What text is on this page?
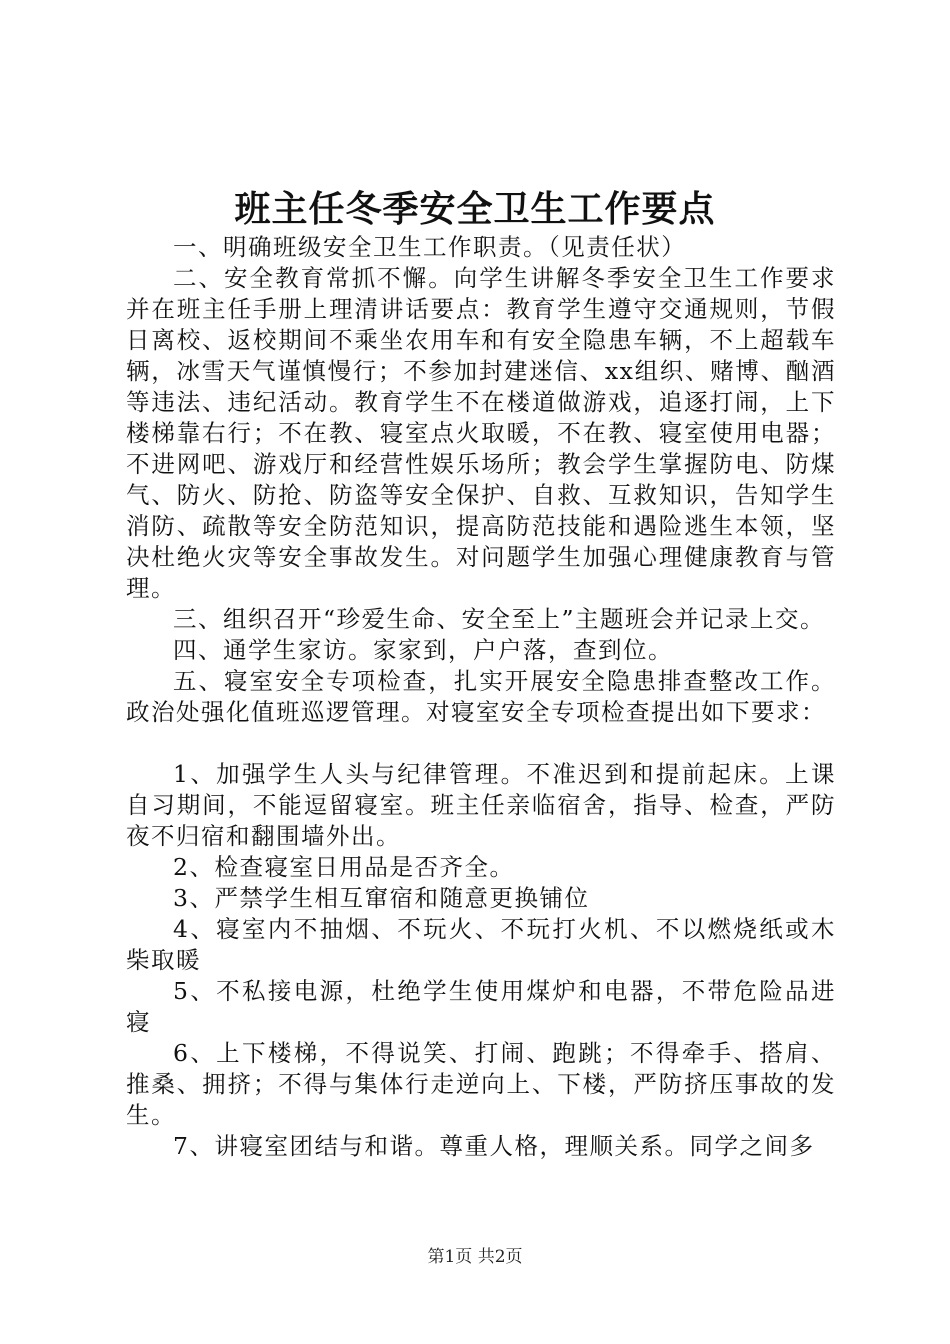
班主任冬季安全卫生工作要点

一、明确班级安全卫生工作职责。（见责任状）

二、安全教育常抓不懈。向学生讲解冬季安全卫生工作要求并在班主任手册上理清讲话要点：教育学生遵守交通规则，节假日离校、返校期间不乘坐农用车和有安全隐患车辆，不上超载车辆，冰雪天气谨慎慢行；不参加封建迷信、xx组织、赌博、酗酒等违法、违纪活动。教育学生不在楼道做游戏，追逐打闹，上下楼梯靠右行；不在教、寝室点火取暖，不在教、寝室使用电器；不进网吧、游戏厅和经营性娱乐场所；教会学生掌握防电、防煤气、防火、防抢、防盗等安全保护、自救、互救知识，告知学生消防、疏散等安全防范知识，提高防范技能和遇险逃生本领，坚决杜绝火灾等安全事故发生。对问题学生加强心理健康教育与管理。

三、组织召开“珍爱生命、安全至上”主题班会并记录上交。

四、通学生家访。家家到，户户落，查到位。

五、寝室安全专项检查，扎实开展安全隐患排查整改工作。政治处强化值班巡逻管理。对寝室安全专项检查提出如下要求：

1、加强学生人头与纪律管理。不准迟到和提前起床。上课自习期间，不能逗留寝室。班主任亲临宿舍，指导、检查，严防夜不归宿和翻围墙外出。

2、检查寝室日用品是否齐全。

3、严禁学生相互窜宿和随意更换铺位

4、寝室内不抽烟、不玩火、不玩打火机、不以燃烧纸或木柴取暖

5、不私接电源，杜绝学生使用煤炉和电器，不带危险品进寝

6、上下楼梯，不得说笑、打闹、跑跳；不得牵手、搭肩、推桑、拥挤；不得与集体行走逆向上、下楼，严防挤压事故的发生。

7、讲寝室团结与和谐。尊重人格，理顺关系。同学之间多

第1页 共2页
